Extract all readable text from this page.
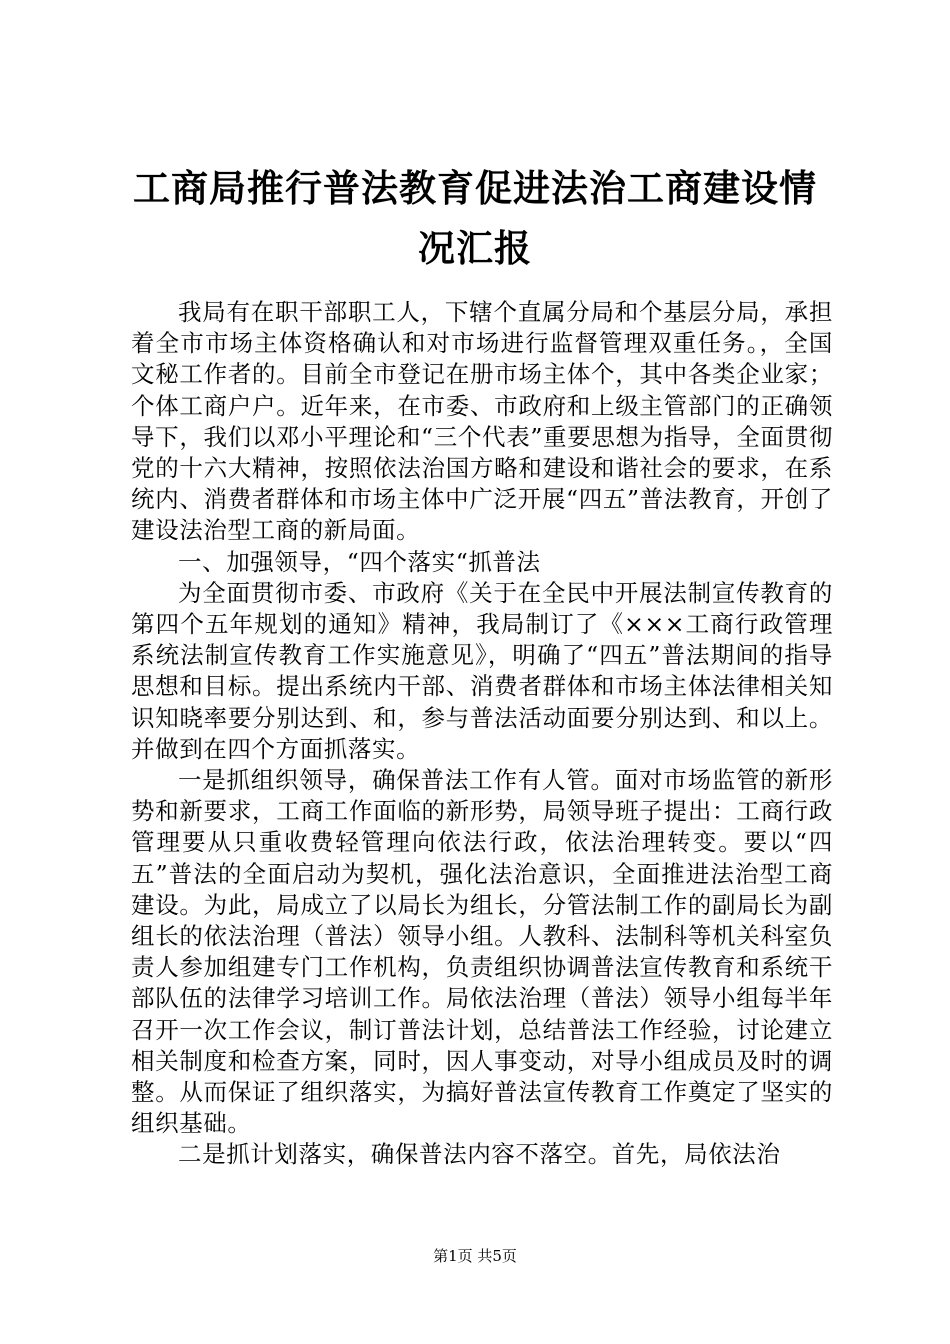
工商局推行普法教育促进法治工商建设情况汇报

我局有在职干部职工人，下辖个直属分局和个基层分局，承担着全市市场主体资格确认和对市场进行监督管理双重任务。，全国文秘工作者的。目前全市登记在册市场主体个，其中各类企业家；个体工商户户。近年来，在市委、市政府和上级主管部门的正确领导下，我们以邓小平理论和“三个代表”重要思想为指导，全面贯彻党的十六大精神，按照依法治国方略和建设和谐社会的要求，在系统内、消费者群体和市场主体中广泛开展“四五”普法教育，开创了建设法治型工商的新局面。

一、加强领导，“四个落实“抓普法

为全面贯彻市委、市政府《关于在全民中开展法制宣传教育的第四个五年规划的通知》精神，我局制订了《×××工商行政管理系统法制宣传教育工作实施意见》，明确了“四五”普法期间的指导思想和目标。提出系统内干部、消费者群体和市场主体法律相关知识知晓率要分别达到、和，参与普法活动面要分别达到、和以上。并做到在四个方面抓落实。

一是抓组织领导，确保普法工作有人管。面对市场监管的新形势和新要求，工商工作面临的新形势，局领导班子提出：工商行政管理要从只重收费轻管理向依法行政，依法治理转变。要以“四五”普法的全面启动为契机，强化法治意识，全面推进法治型工商建设。为此，局成立了以局长为组长，分管法制工作的副局长为副组长的依法治理（普法）领导小组。人教科、法制科等机关科室负责人参加组建专门工作机构，负责组织协调普法宣传教育和系统干部队伍的法律学习培训工作。局依法治理（普法）领导小组每半年召开一次工作会议，制订普法计划，总结普法工作经验，讨论建立相关制度和检查方案，同时，因人事变动，对导小组成员及时的调整。从而保证了组织落实，为搞好普法宣传教育工作奠定了坚实的组织基础。

二是抓计划落实，确保普法内容不落空。首先，局依法治

第1页 共5页
